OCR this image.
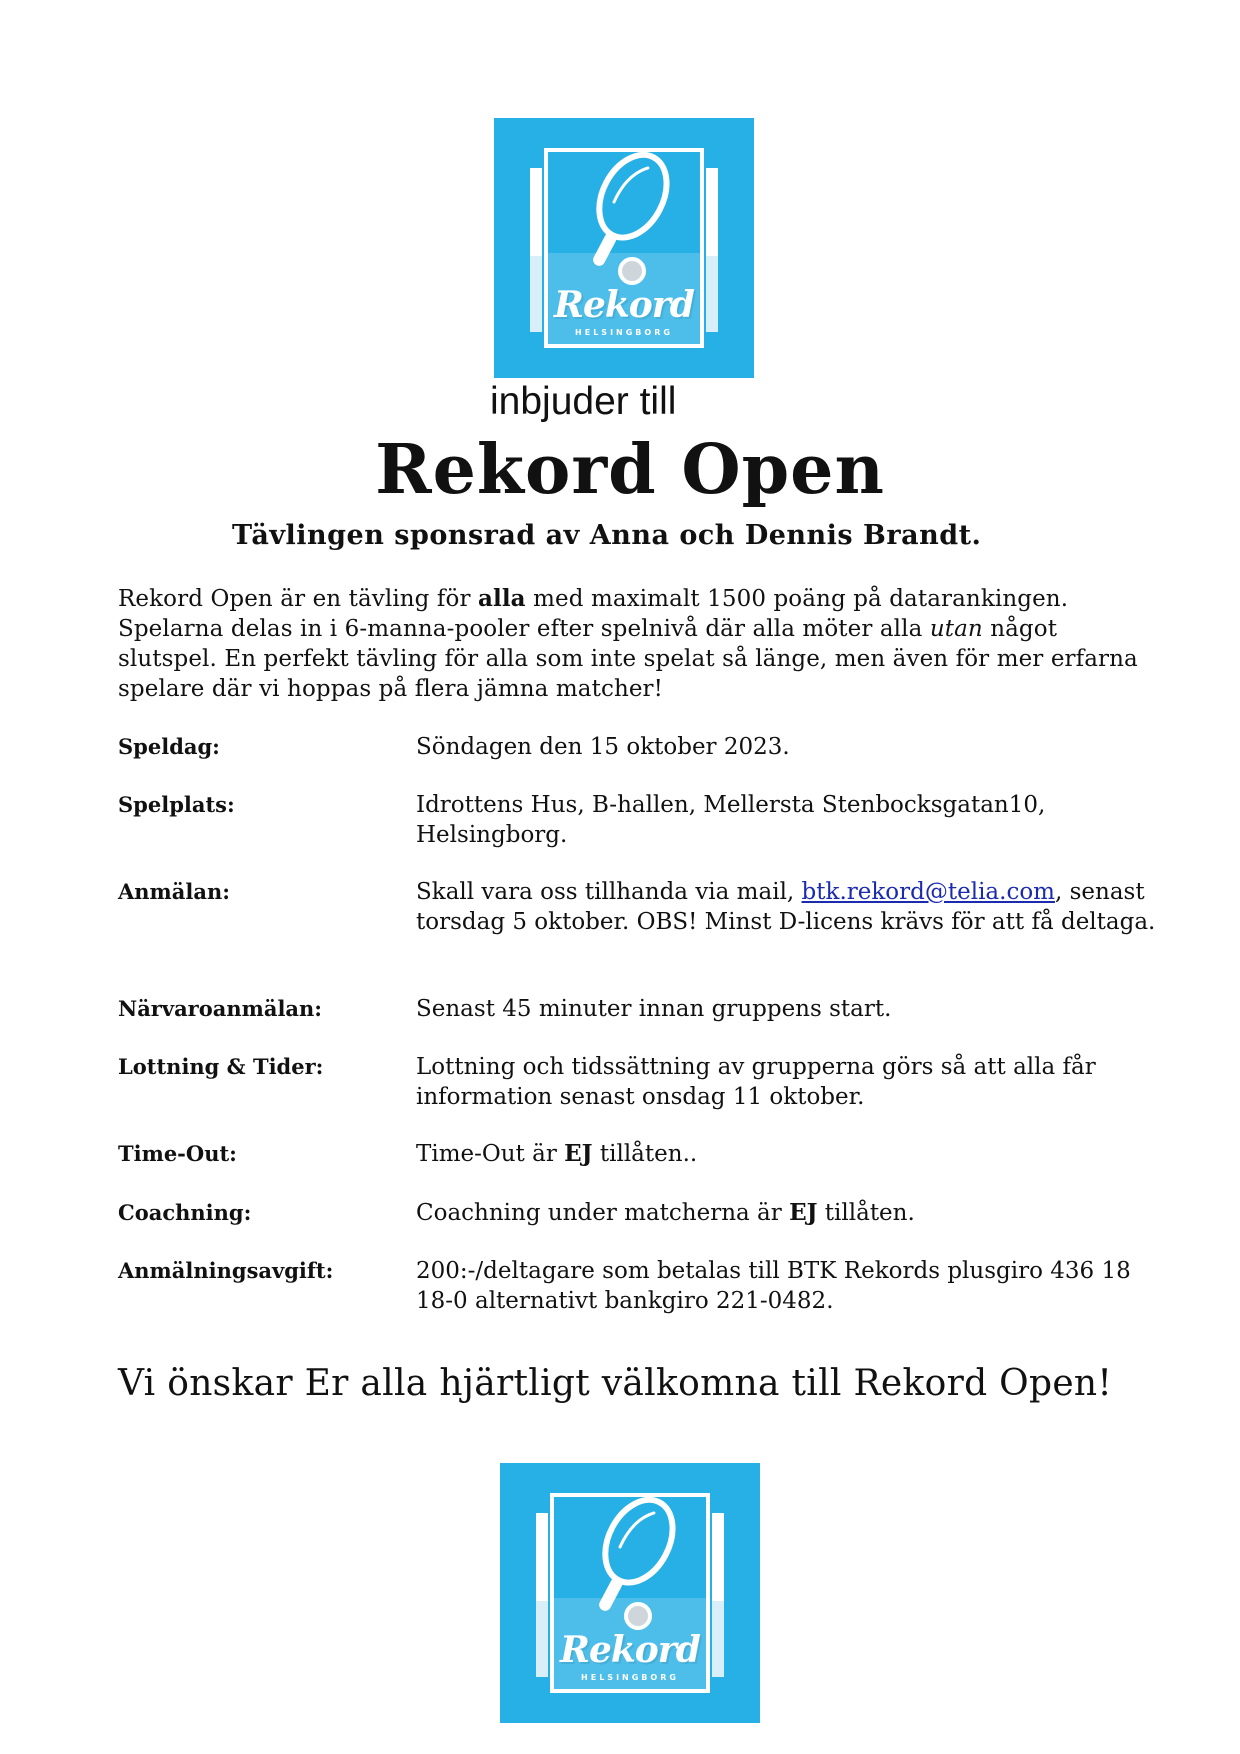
Rekord
HELSINGBORG
inbjuder till
Rekord Open
Tävlingen sponsrad av Anna och Dennis Brandt.

Rekord Open är en tävling för alla med maximalt 1500 poäng på datarankingen. Spelarna delas in i 6-manna-pooler efter spelnivå där alla möter alla utan något slutspel. En perfekt tävling för alla som inte spelat så länge, men även för mer erfarna spelare där vi hoppas på flera jämna matcher!

Speldag:	Söndagen den 15 oktober 2023.
Spelplats:	Idrottens Hus, B-hallen, Mellersta Stenbocksgatan10, Helsingborg.
Anmälan:	Skall vara oss tillhanda via mail, btk.rekord@telia.com, senast torsdag 5 oktober. OBS! Minst D-licens krävs för att få deltaga.
Närvaroanmälan:	Senast 45 minuter innan gruppens start.
Lottning & Tider:	Lottning och tidssättning av grupperna görs så att alla får information senast onsdag 11 oktober.
Time-Out:	Time-Out är EJ tillåten..
Coachning:	Coachning under matcherna är EJ tillåten.
Anmälningsavgift:	200:-/deltagare som betalas till BTK Rekords plusgiro 436 18 18-0 alternativt bankgiro 221-0482.
Vi önskar Er alla hjärtligt välkomna till Rekord Open!
Rekord
HELSINGBORG
